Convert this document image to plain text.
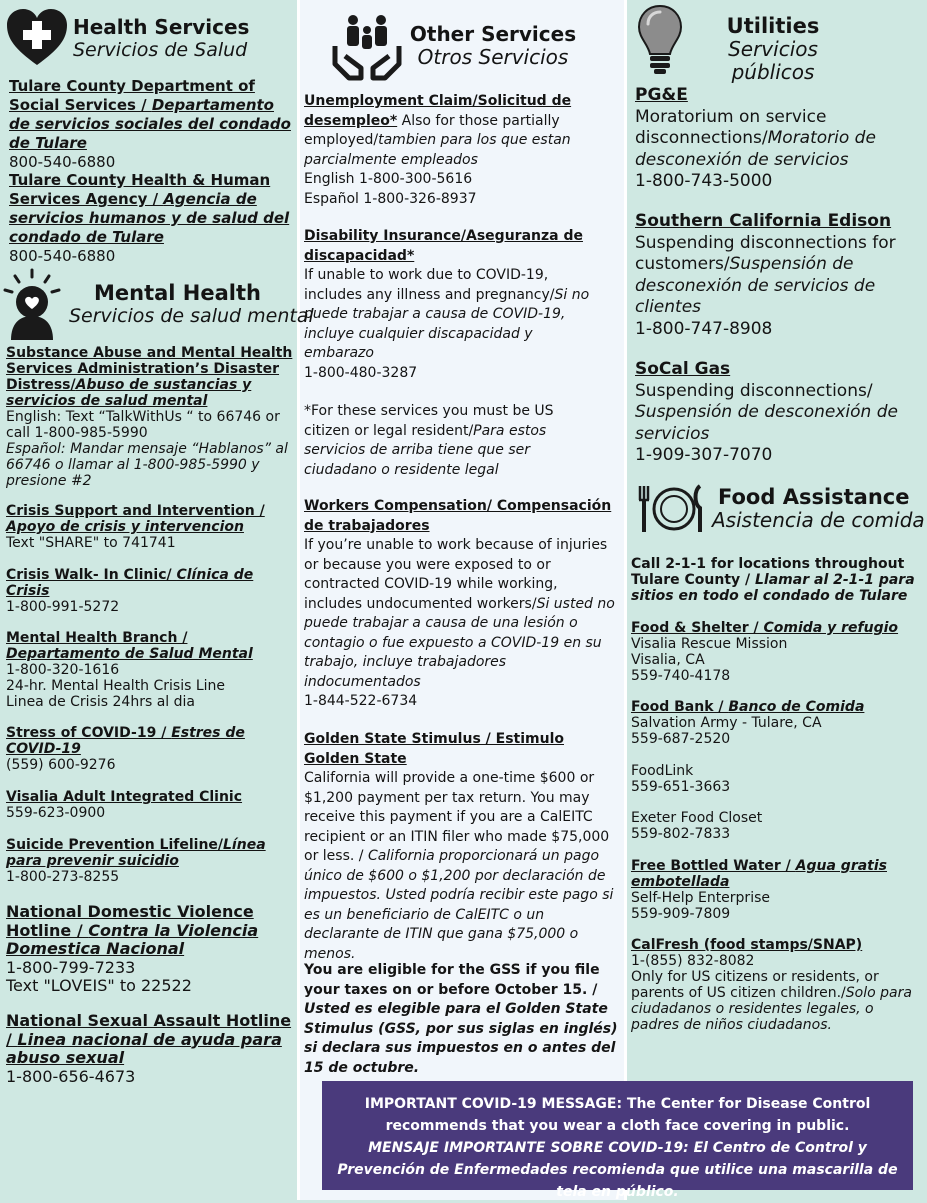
Health Services
Servicios de Salud

Tulare County Department of Social Services / Departamento de servicios sociales del condado de Tulare

800-540-6880

Tulare County Health & Human Services Agency / Agencia de servicios humanos y de salud del condado de Tulare

800-540-6880

Mental Health
Servicios de salud mental

Substance Abuse and Mental Health Services Administration’s Disaster Distress/Abuso de sustancias y servicios de salud mental

English: Text “TalkWithUs “ to 66746 or call 1-800-985-5990

Español: Mandar mensaje “Hablanos” al 66746 o llamar al 1-800-985-5990 y presione #2

Crisis Support and Intervention / Apoyo de crisis y intervencion

Text "SHARE" to 741741

Crisis Walk- In Clinic/ Clínica de Crisis

1-800-991-5272

Mental Health Branch / Departamento de Salud Mental

1-800-320-1616

24-hr. Mental Health Crisis Line

Linea de Crisis 24hrs al dia

Stress of COVID-19 / Estres de COVID-19

(559) 600-9276

Visalia Adult Integrated Clinic

559-623-0900

Suicide Prevention Lifeline/Línea para prevenir suicidio

1-800-273-8255

National Domestic Violence Hotline / Contra la Violencia Domestica Nacional

1-800-799-7233

Text "LOVEIS" to 22522

National Sexual Assault Hotline / Linea nacional de ayuda para abuso sexual

1-800-656-4673

Other Services
Otros Servicios

Unemployment Claim/Solicitud de desempleo* Also for those partially employed/tambien para los que estan parcialmente empleados

English 1-800-300-5616

Español 1-800-326-8937

Disability Insurance/Aseguranza de discapacidad*

If unable to work due to COVID-19, includes any illness and pregnancy/Si no puede trabajar a causa de COVID-19, incluye cualquier discapacidad y embarazo

1-800-480-3287

*For these services you must be US citizen or legal resident/Para estos servicios de arriba tiene que ser ciudadano o residente legal

Workers Compensation/ Compensación de trabajadores

If you’re unable to work because of injuries or because you were exposed to or contracted COVID-19 while working, includes undocumented workers/Si usted no puede trabajar a causa de una lesión o contagio o fue expuesto a COVID-19 en su trabajo, incluye trabajadores indocumentados

1-844-522-6734

Golden State Stimulus / Estimulo Golden State

California will provide a one-time $600 or $1,200 payment per tax return. You may receive this payment if you are a CalEITC recipient or an ITIN filer who made $75,000 or less. / California proporcionará un pago único de $600 o $1,200 por declaración de impuestos. Usted podría recibir este pago si es un beneficiario de CalEITC o un declarante de ITIN que gana $75,000 o menos.

You are eligible for the GSS if you file your taxes on or before October 15. / Usted es elegible para el Golden State Stimulus (GSS, por sus siglas en inglés) si declara sus impuestos en o antes del 15 de octubre.

Utilities
Servicios públicos

PG&E

Moratorium on service disconnections/Moratorio de desconexión de servicios

1-800-743-5000

Southern California Edison

Suspending disconnections for customers/Suspensión de desconexión de servicios de clientes

1-800-747-8908

SoCal Gas

Suspending disconnections/ Suspensión de desconexión de servicios

1-909-307-7070

Food Assistance
Asistencia de comida

Call 2-1-1 for locations throughout Tulare County / Llamar al 2-1-1 para sitios en todo el condado de Tulare

Food & Shelter / Comida y refugio

Visalia Rescue Mission

Visalia, CA

559-740-4178

Food Bank / Banco de Comida

Salvation Army - Tulare, CA

559-687-2520

FoodLink

559-651-3663

Exeter Food Closet

559-802-7833

Free Bottled Water / Agua gratis embotellada

Self-Help Enterprise

559-909-7809

CalFresh (food stamps/SNAP)

1-(855) 832-8082

Only for US citizens or residents, or parents of US citizen children./Solo para ciudadanos o residentes legales, o padres de niños ciudadanos.

IMPORTANT COVID-19 MESSAGE: The Center for Disease Control recommends that you wear a cloth face covering in public.

MENSAJE IMPORTANTE SOBRE COVID-19: El Centro de Control y Prevención de Enfermedades recomienda que utilice una mascarilla de tela en público.
